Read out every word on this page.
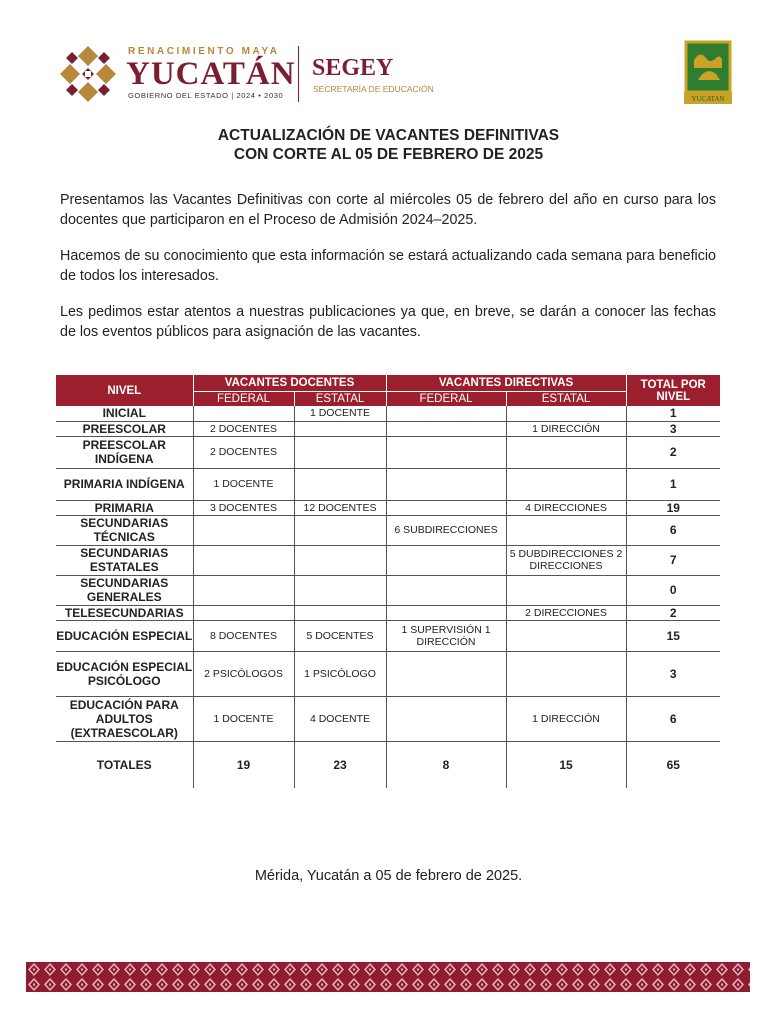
RENACIMIENTO MAYA
YUCATÁN
GOBIERNO DEL ESTADO | 2024 • 2030
SEGEY
SECRETARÍA DE EDUCACIÓN
YUCATAN
ACTUALIZACIÓN DE VACANTES DEFINITIVAS
CON CORTE AL 05 DE FEBRERO DE 2025
Presentamos las Vacantes Definitivas con corte al miércoles 05 de febrero del año en curso para los docentes que participaron en el Proceso de Admisión 2024–2025.
Hacemos de su conocimiento que esta información se estará actualizando cada semana para beneficio de todos los interesados.
Les pedimos estar atentos a nuestras publicaciones ya que, en breve, se darán a conocer las fechas de los eventos públicos para asignación de las vacantes.
NIVEL	VACANTES DOCENTES		VACANTES DIRECTIVAS		TOTAL POR NIVEL
	FEDERAL	ESTATAL	FEDERAL	ESTATAL	
INICIAL		1 DOCENTE			1
PREESCOLAR	2 DOCENTES			1 DIRECCIÓN	3
PREESCOLAR INDÍGENA	2 DOCENTES				2
PRIMARIA INDÍGENA	1 DOCENTE				1
PRIMARIA	3 DOCENTES	12 DOCENTES		4 DIRECCIONES	19
SECUNDARIAS TÉCNICAS			6 SUBDIRECCIONES		6
SECUNDARIAS ESTATALES				5 DUBDIRECCIONES 2 DIRECCIONES	7
SECUNDARIAS GENERALES					0
TELESECUNDARIAS				2 DIRECCIONES	2
EDUCACIÓN ESPECIAL	8 DOCENTES	5 DOCENTES	1 SUPERVISIÓN 1 DIRECCIÓN		15
EDUCACIÓN ESPECIAL PSICÓLOGO	2 PSICÓLOGOS	1 PSICÓLOGO			3
EDUCACIÓN PARA ADULTOS (EXTRAESCOLAR)	1 DOCENTE	4 DOCENTE		1 DIRECCIÓN	6
TOTALES	19	23	8	15	65
Mérida, Yucatán a 05 de febrero de 2025.
